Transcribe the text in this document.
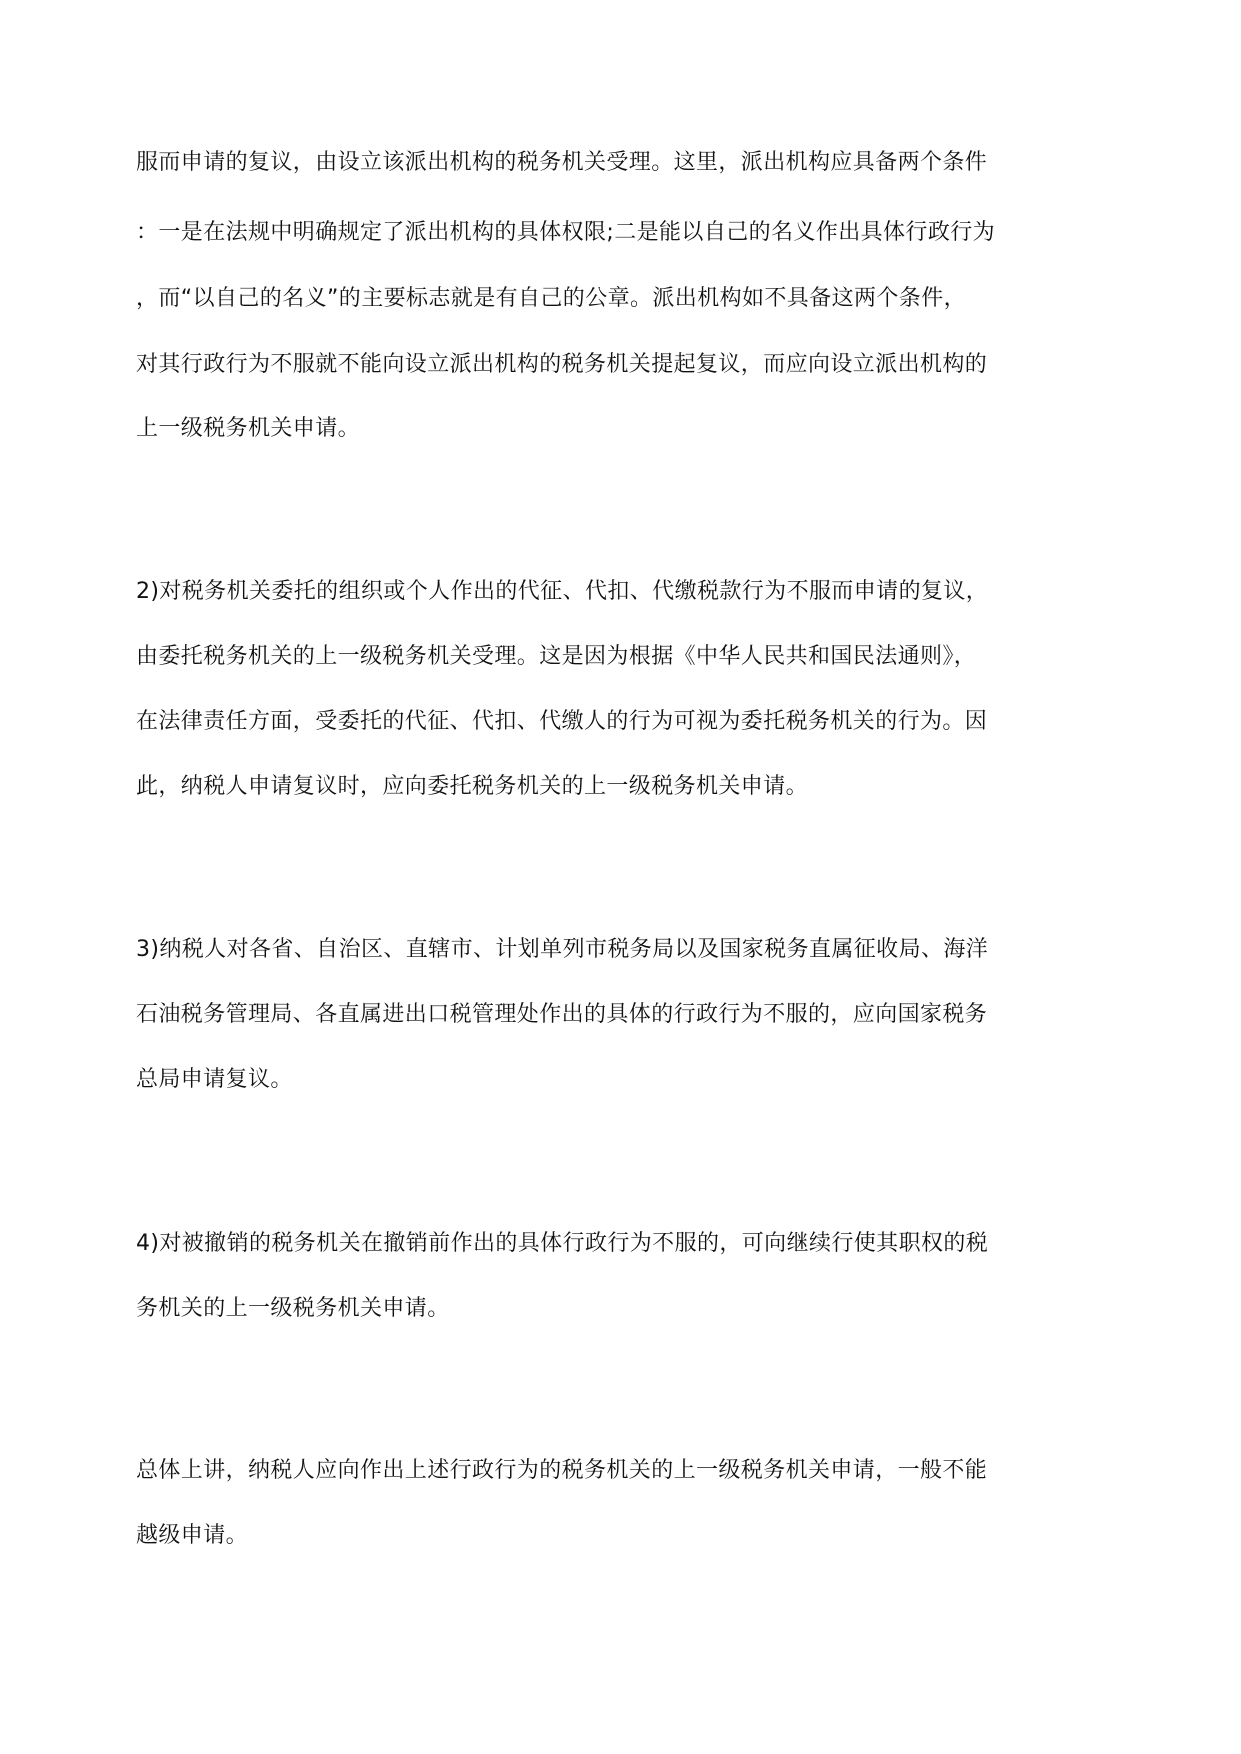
服而申请的复议，由设立该派出机构的税务机关受理。这里，派出机构应具备两个条件
：一是在法规中明确规定了派出机构的具体权限;二是能以自己的名义作出具体行政行为
，而“以自己的名义”的主要标志就是有自己的公章。派出机构如不具备这两个条件，
对其行政行为不服就不能向设立派出机构的税务机关提起复议，而应向设立派出机构的
上一级税务机关申请。
2)对税务机关委托的组织或个人作出的代征、代扣、代缴税款行为不服而申请的复议，
由委托税务机关的上一级税务机关受理。这是因为根据《中华人民共和国民法通则》，
在法律责任方面，受委托的代征、代扣、代缴人的行为可视为委托税务机关的行为。因
此，纳税人申请复议时，应向委托税务机关的上一级税务机关申请。
3)纳税人对各省、自治区、直辖市、计划单列市税务局以及国家税务直属征收局、海洋
石油税务管理局、各直属进出口税管理处作出的具体的行政行为不服的，应向国家税务
总局申请复议。
4)对被撤销的税务机关在撤销前作出的具体行政行为不服的，可向继续行使其职权的税
务机关的上一级税务机关申请。
总体上讲，纳税人应向作出上述行政行为的税务机关的上一级税务机关申请，一般不能
越级申请。
